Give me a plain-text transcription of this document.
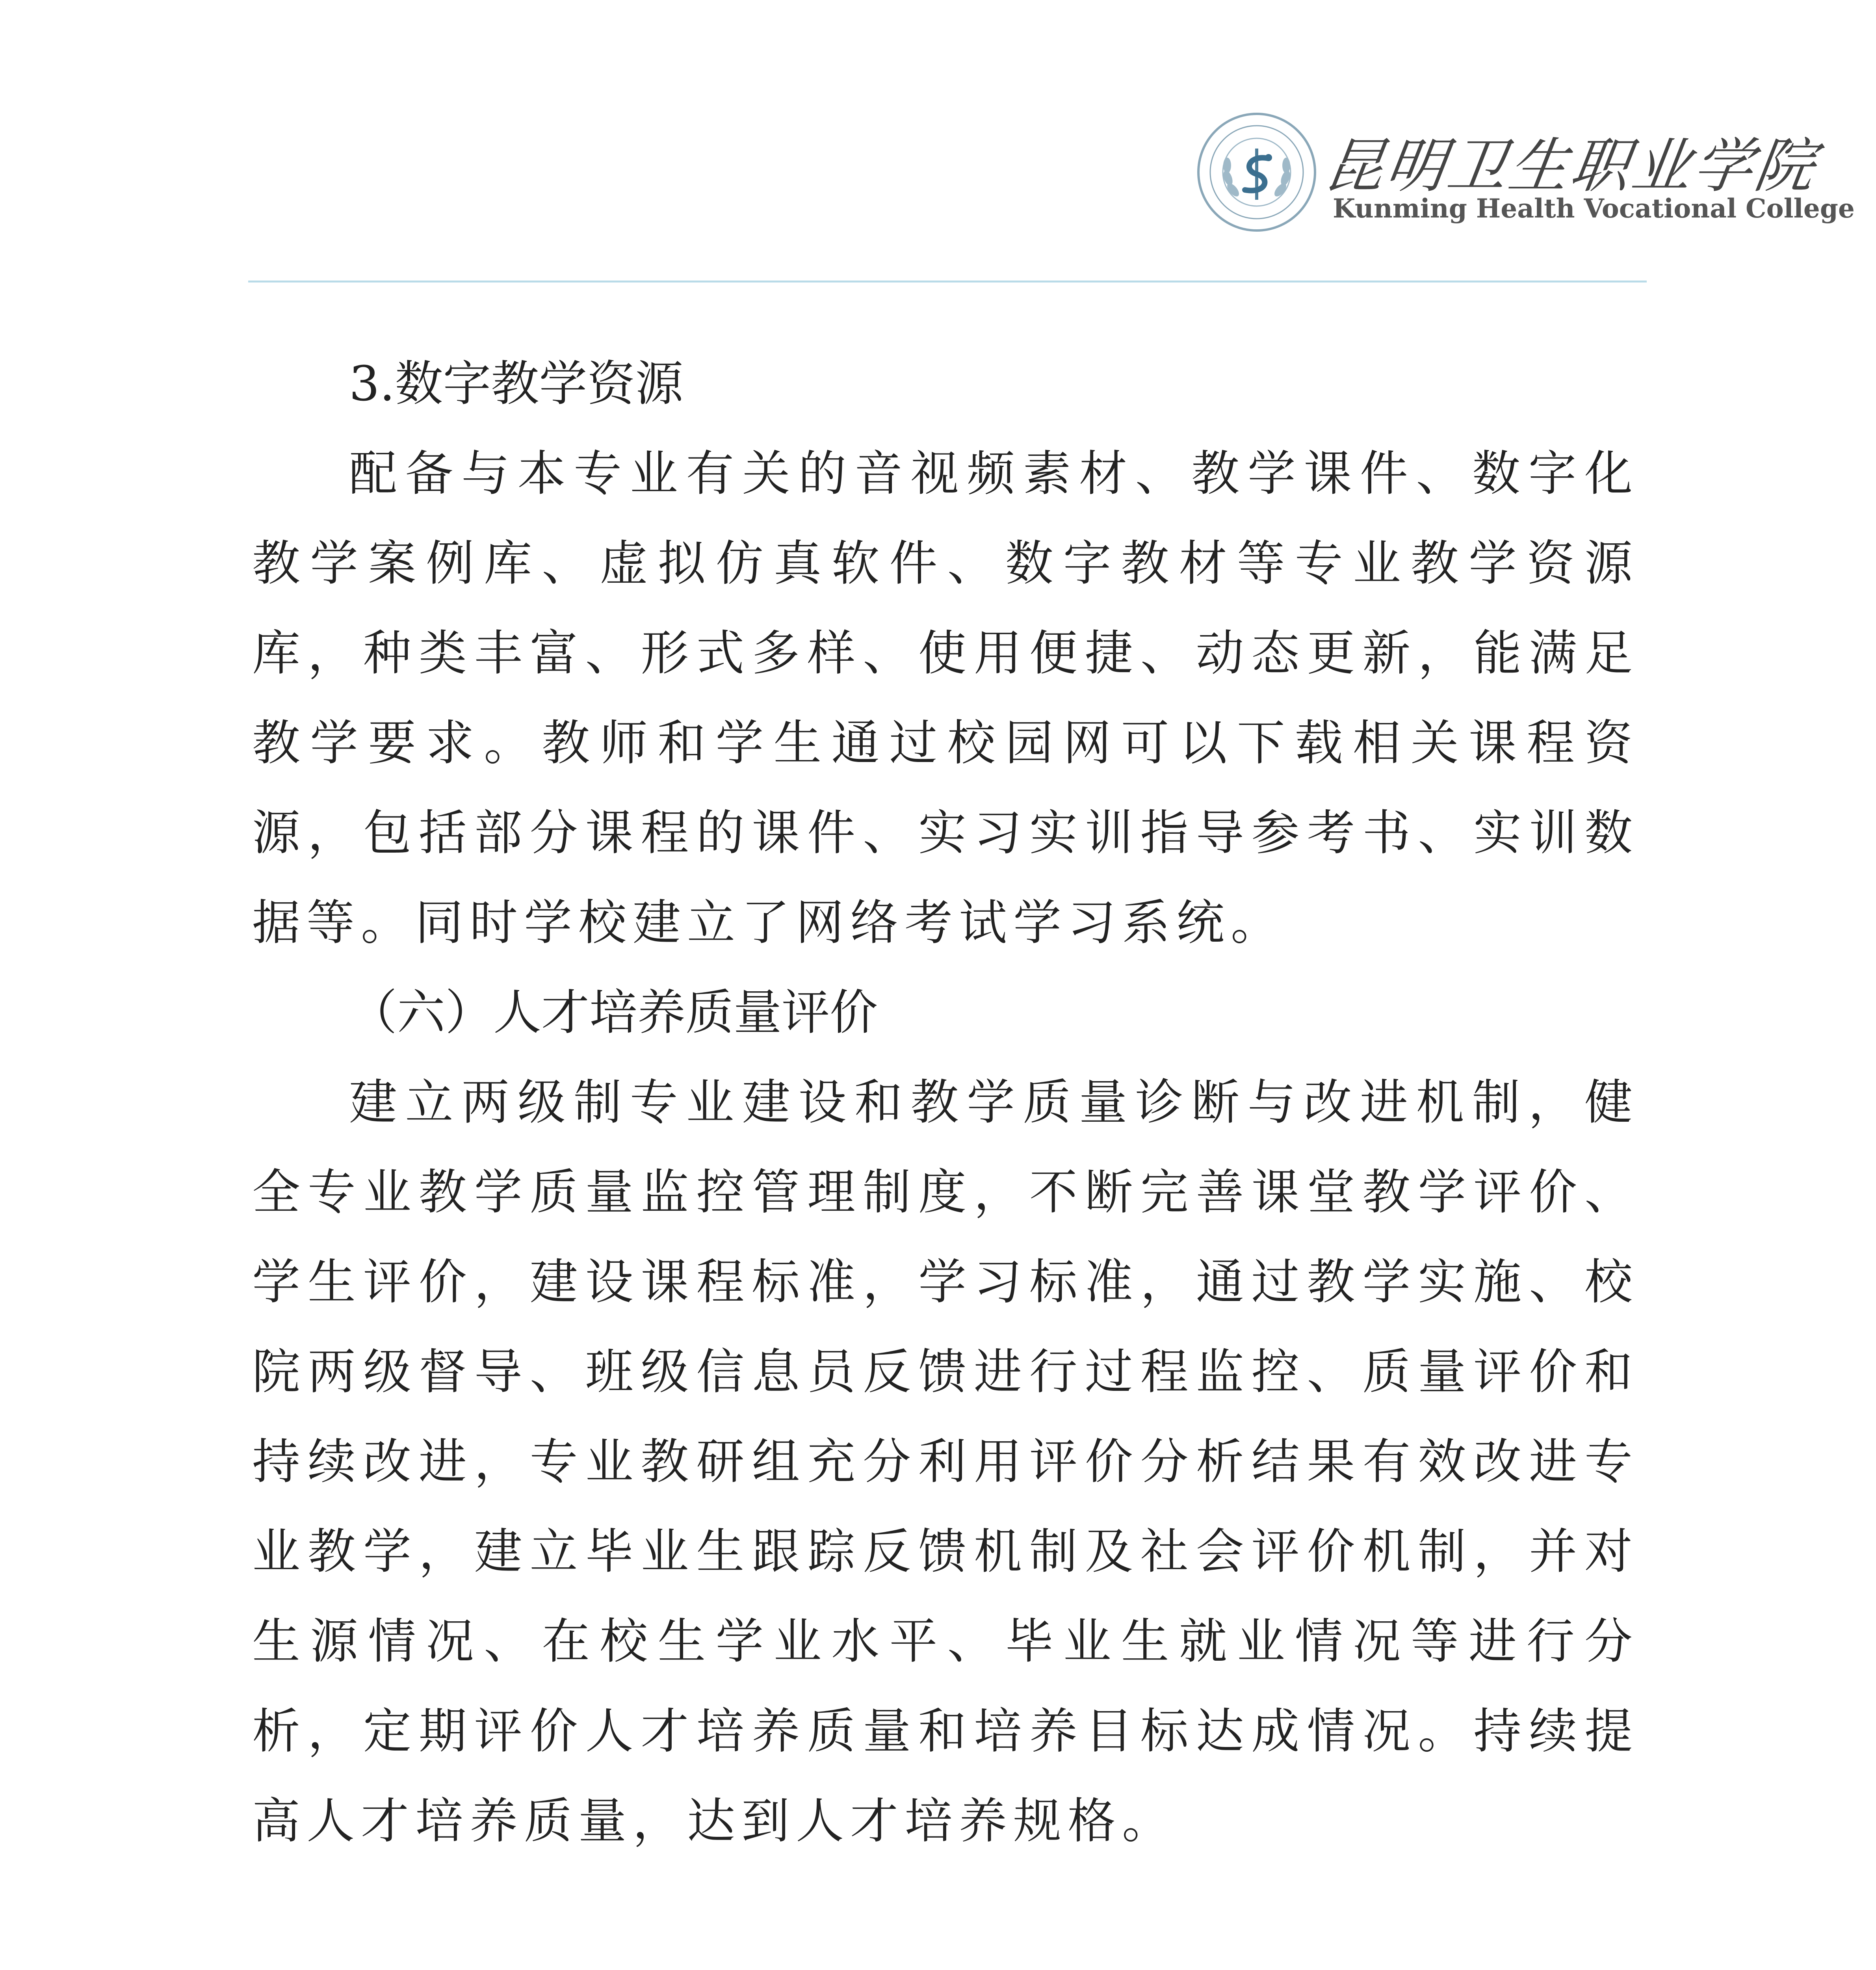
昆明卫生职业学院
Kunming Health Vocational College

3.数字教学资源

配备与本专业有关的音视频素材、教学课件、数字化教学案例库、虚拟仿真软件、数字教材等专业教学资源库，种类丰富、形式多样、使用便捷、动态更新，能满足教学要求。教师和学生通过校园网可以下载相关课程资源，包括部分课程的课件、实习实训指导参考书、实训数据等。同时学校建立了网络考试学习系统。

（六）人才培养质量评价

建立两级制专业建设和教学质量诊断与改进机制，健全专业教学质量监控管理制度，不断完善课堂教学评价、学生评价，建设课程标准，学习标准，通过教学实施、校院两级督导、班级信息员反馈进行过程监控、质量评价和持续改进，专业教研组充分利用评价分析结果有效改进专业教学，建立毕业生跟踪反馈机制及社会评价机制，并对生源情况、在校生学业水平、毕业生就业情况等进行分析，定期评价人才培养质量和培养目标达成情况。持续提高人才培养质量，达到人才培养规格。
